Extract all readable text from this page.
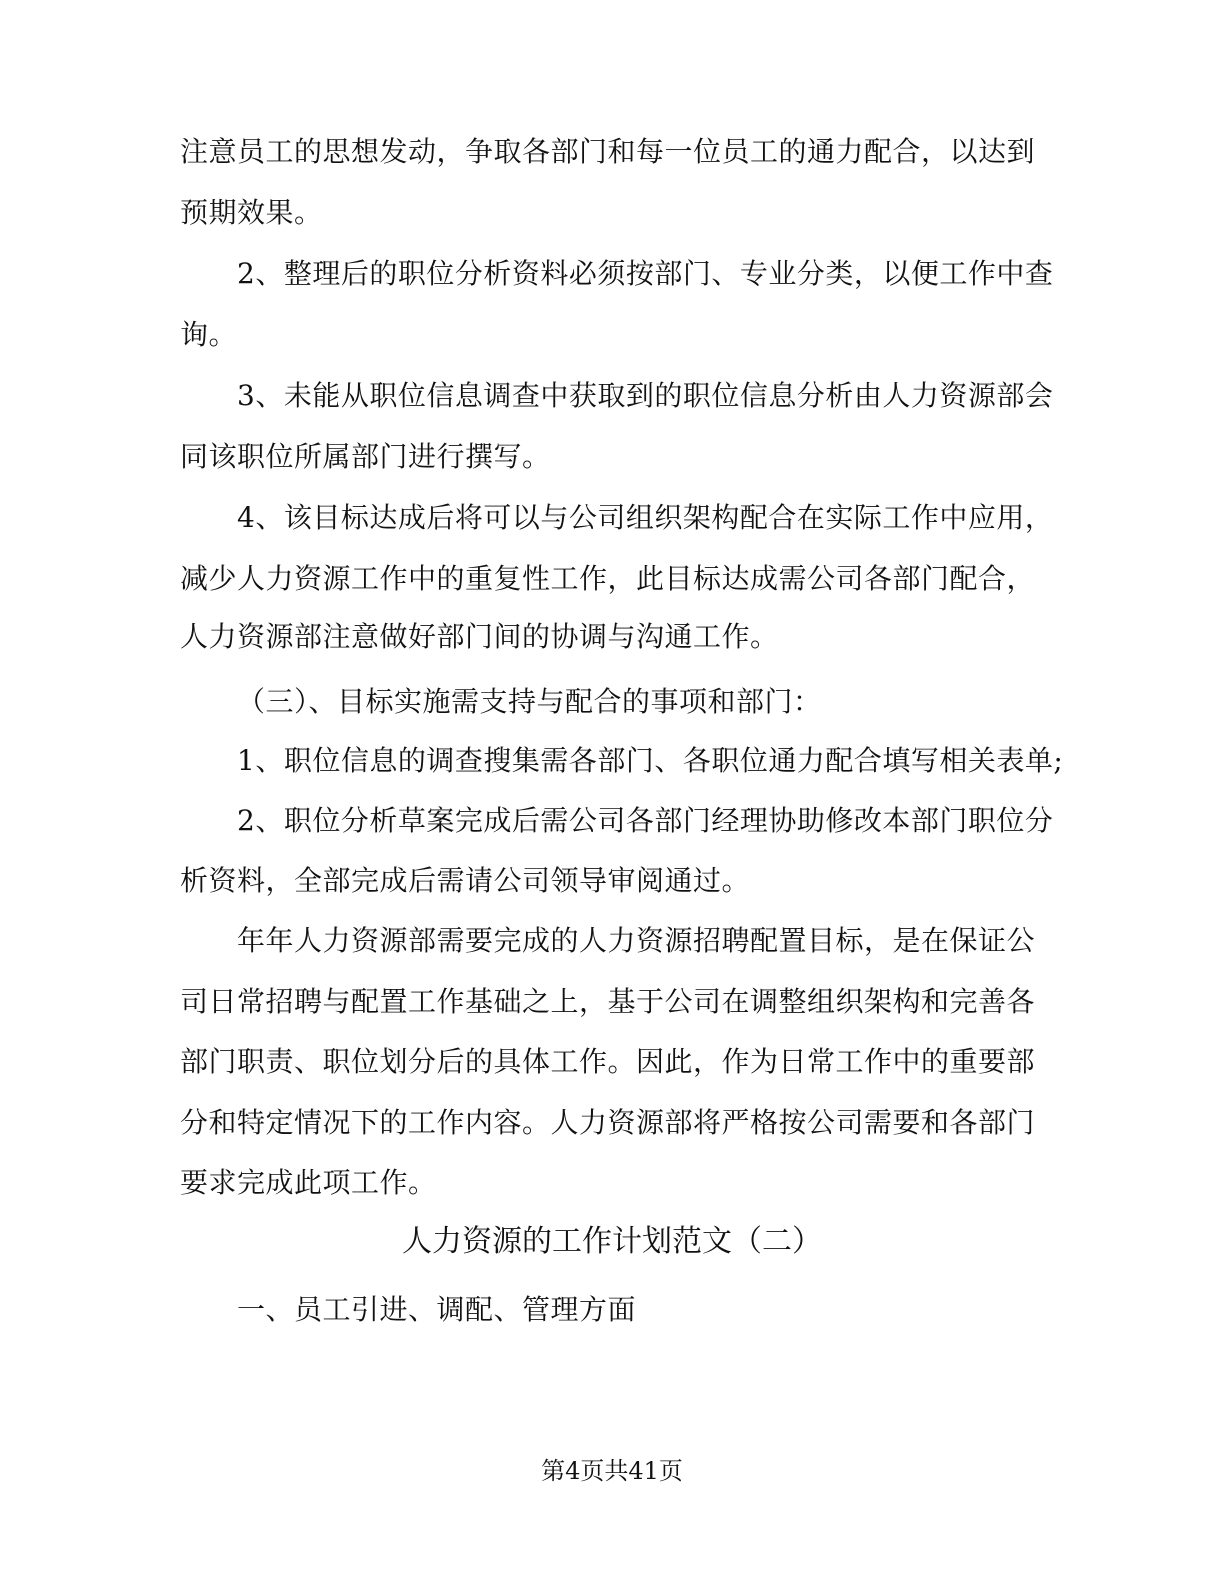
注意员工的思想发动，争取各部门和每一位员工的通力配合，以达到
预期效果。
2、整理后的职位分析资料必须按部门、专业分类，以便工作中查
询。
3、未能从职位信息调查中获取到的职位信息分析由人力资源部会
同该职位所属部门进行撰写。
4、该目标达成后将可以与公司组织架构配合在实际工作中应用，
减少人力资源工作中的重复性工作，此目标达成需公司各部门配合，
人力资源部注意做好部门间的协调与沟通工作。
（三）、目标实施需支持与配合的事项和部门：
1、职位信息的调查搜集需各部门、各职位通力配合填写相关表单;
2、职位分析草案完成后需公司各部门经理协助修改本部门职位分
析资料，全部完成后需请公司领导审阅通过。
年年人力资源部需要完成的人力资源招聘配置目标，是在保证公
司日常招聘与配置工作基础之上，基于公司在调整组织架构和完善各
部门职责、职位划分后的具体工作。因此，作为日常工作中的重要部
分和特定情况下的工作内容。人力资源部将严格按公司需要和各部门
要求完成此项工作。
人力资源的工作计划范文（二）
一、员工引进、调配、管理方面
第4页共41页
